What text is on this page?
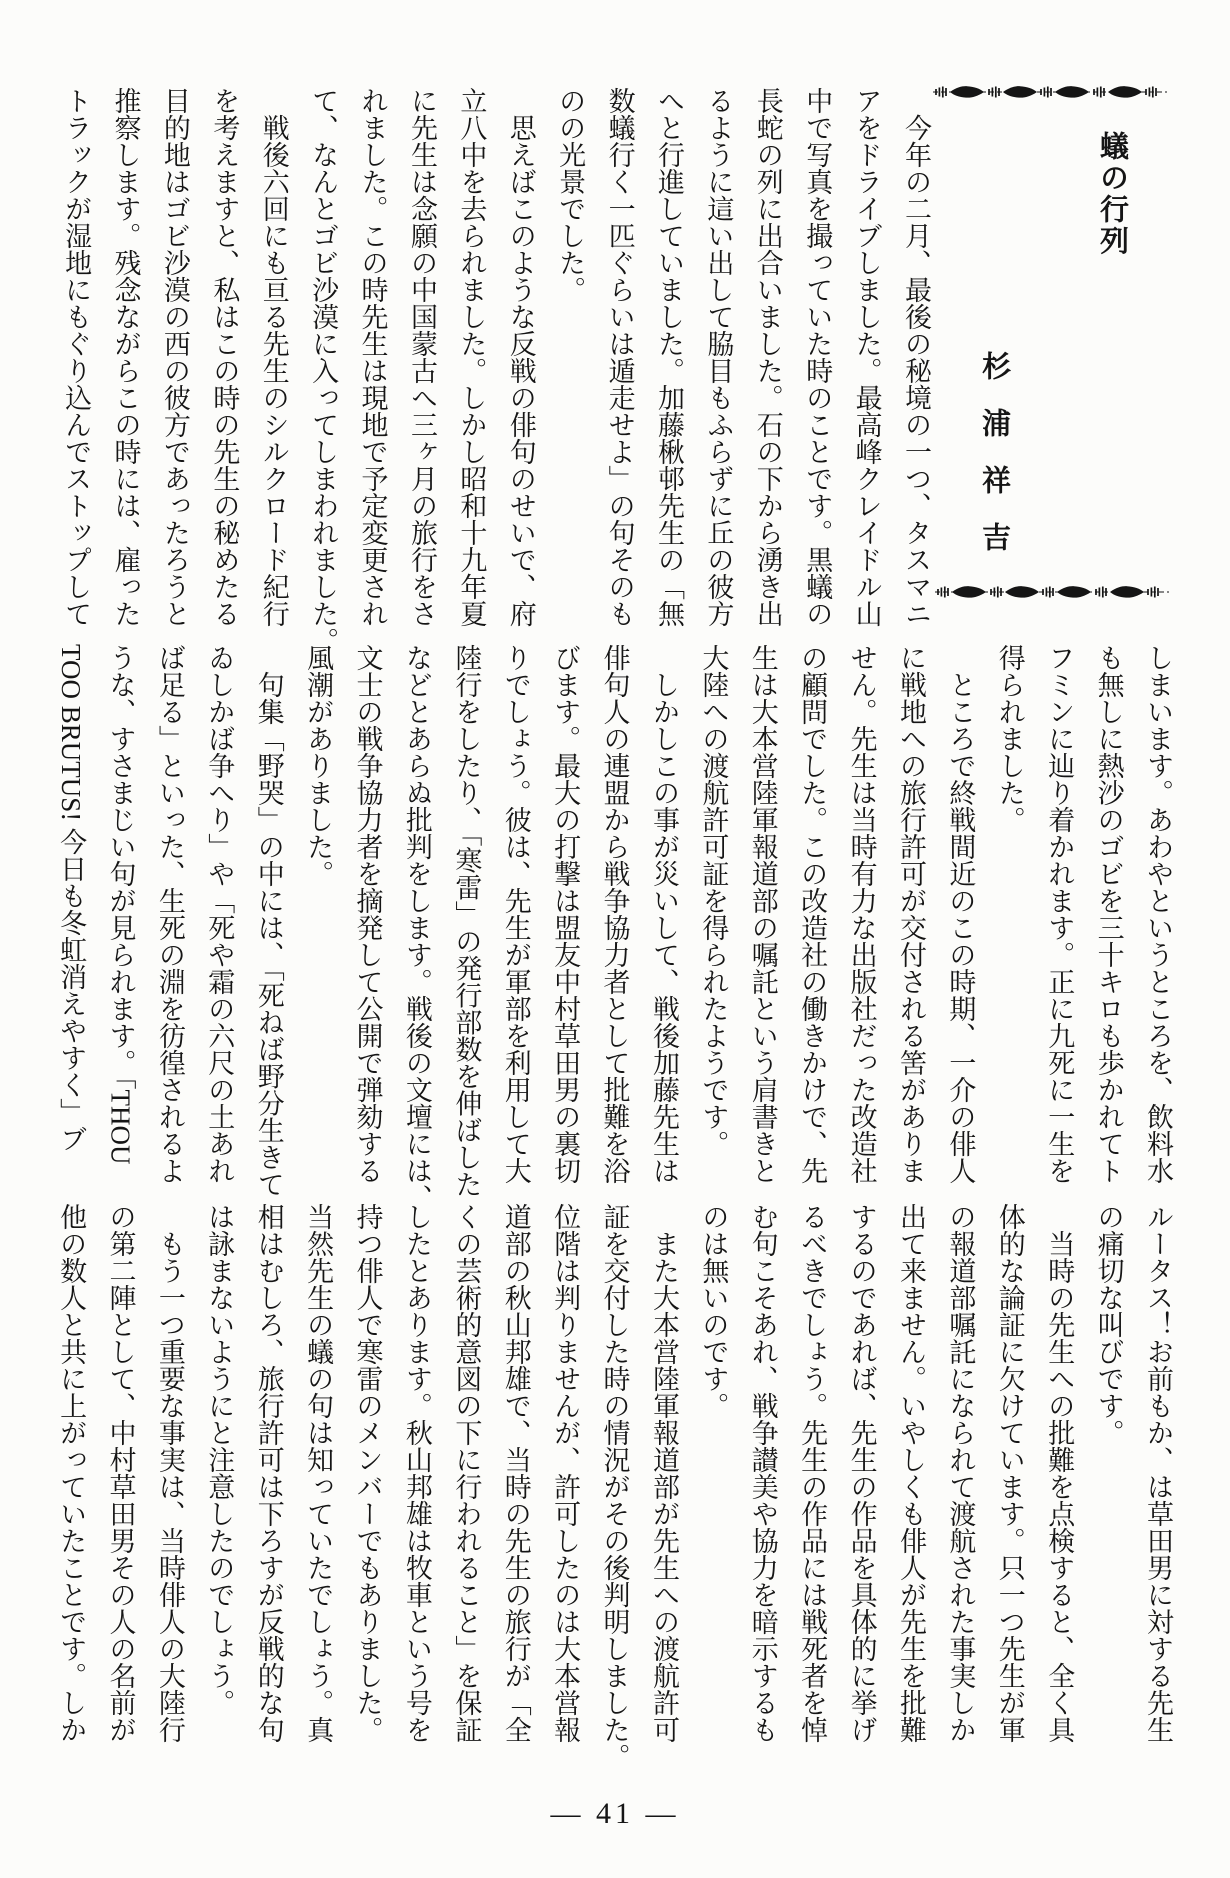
蟻の行列
杉浦祥吉

　今年の二月、最後の秘境の一つ、タスマニ

アをドライブしました。最高峰クレイドル山

中で写真を撮っていた時のことです。黒蟻の

長蛇の列に出合いました。石の下から湧き出

るように這い出して脇目もふらずに丘の彼方

へと行進していました。加藤楸邨先生の「無

数蟻行く一匹ぐらいは遁走せよ」の句そのも

のの光景でした。

　思えばこのような反戦の俳句のせいで、府

立八中を去られました。しかし昭和十九年夏

に先生は念願の中国蒙古へ三ヶ月の旅行をさ

れました。この時先生は現地で予定変更され

て、なんとゴビ沙漠に入ってしまわれました。

　戦後六回にも亘る先生のシルクロード紀行

を考えますと、私はこの時の先生の秘めたる

目的地はゴビ沙漠の西の彼方であったろうと

推察します。残念ながらこの時には、雇った

トラックが湿地にもぐり込んでストップして

しまいます。あわやというところを、飲料水

も無しに熱沙のゴビを三十キロも歩かれてト

フミンに辿り着かれます。正に九死に一生を

得られました。

　ところで終戦間近のこの時期、一介の俳人

に戦地への旅行許可が交付される筈がありま

せん。先生は当時有力な出版社だった改造社

の顧問でした。この改造社の働きかけで、先

生は大本営陸軍報道部の嘱託という肩書きと

大陸への渡航許可証を得られたようです。

　しかしこの事が災いして、戦後加藤先生は

俳句人の連盟から戦争協力者として批難を浴

びます。最大の打撃は盟友中村草田男の裏切

りでしょう。彼は、先生が軍部を利用して大

陸行をしたり、「寒雷」の発行部数を伸ばした

などとあらぬ批判をします。戦後の文壇には、

文士の戦争協力者を摘発して公開で弾劾する

風潮がありました。

　句集「野哭」の中には、「死ねば野分生きて

ゐしかば争へり」や「死や霜の六尺の土あれ

ば足る」といった、生死の淵を彷徨されるよ

うな、すさまじい句が見られます。「THOU

TOO BRUTUS! 今日も冬虹消えやすく」ブ

ルータス！お前もか、は草田男に対する先生

の痛切な叫びです。

　当時の先生への批難を点検すると、全く具

体的な論証に欠けています。只一つ先生が軍

の報道部嘱託になられて渡航された事実しか

出て来ません。いやしくも俳人が先生を批難

するのであれば、先生の作品を具体的に挙げ

るべきでしょう。先生の作品には戦死者を悼

む句こそあれ、戦争讃美や協力を暗示するも

のは無いのです。

　また大本営陸軍報道部が先生への渡航許可

証を交付した時の情況がその後判明しました。

位階は判りませんが、許可したのは大本営報

道部の秋山邦雄で、当時の先生の旅行が「全

くの芸術的意図の下に行われること」を保証

したとあります。秋山邦雄は牧車という号を

持つ俳人で寒雷のメンバーでもありました。

当然先生の蟻の句は知っていたでしょう。真

相はむしろ、旅行許可は下ろすが反戦的な句

は詠まないようにと注意したのでしょう。

　もう一つ重要な事実は、当時俳人の大陸行

の第二陣として、中村草田男その人の名前が

他の数人と共に上がっていたことです。しか

— 41 —
